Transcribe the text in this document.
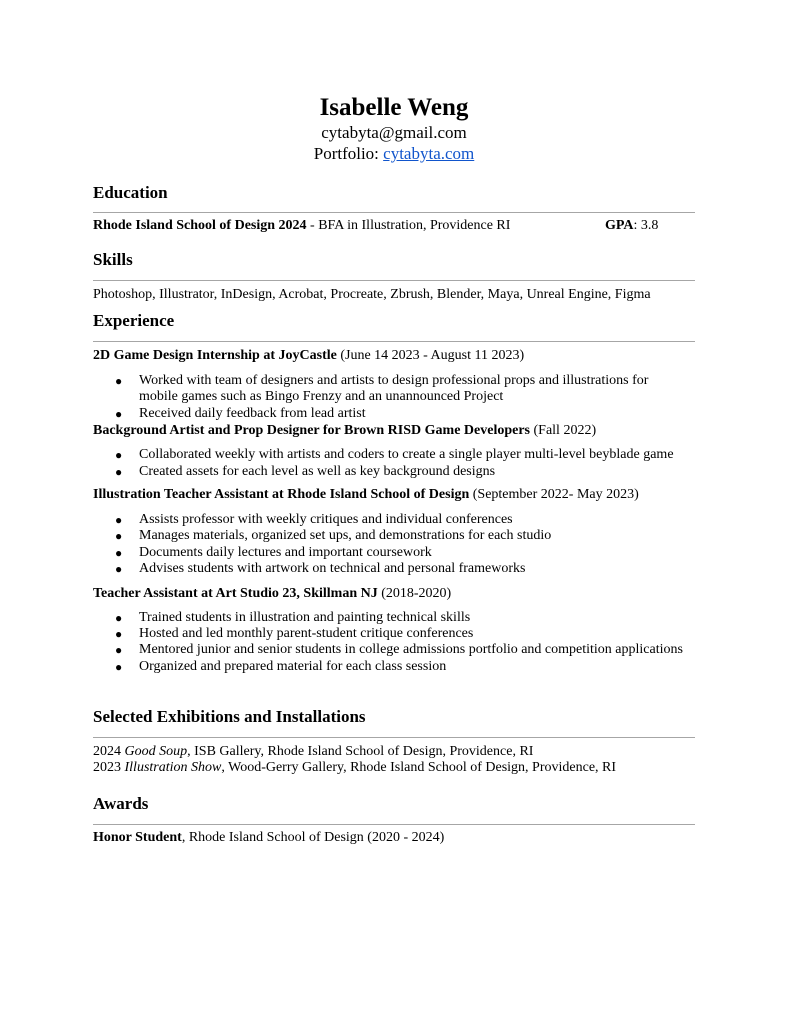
Isabelle Weng
cytabyta@gmail.com
Portfolio: cytabyta.com
Education
Rhode Island School of Design 2024 - BFA in Illustration, Providence RI	GPA: 3.8
Skills
Photoshop, Illustrator, InDesign, Acrobat, Procreate, Zbrush, Blender, Maya, Unreal Engine, Figma
Experience
2D Game Design Internship at JoyCastle (June 14 2023 - August 11 2023)
● Worked with team of designers and artists to design professional props and illustrations for
mobile games such as Bingo Frenzy and an unannounced Project
● Received daily feedback from lead artist
Background Artist and Prop Designer for Brown RISD Game Developers (Fall 2022)
● Collaborated weekly with artists and coders to create a single player multi-level beyblade game
● Created assets for each level as well as key background designs
Illustration Teacher Assistant at Rhode Island School of Design (September 2022- May 2023)
● Assists professor with weekly critiques and individual conferences
● Manages materials, organized set ups, and demonstrations for each studio
● Documents daily lectures and important coursework
● Advises students with artwork on technical and personal frameworks
Teacher Assistant at Art Studio 23, Skillman NJ (2018-2020)
● Trained students in illustration and painting technical skills
● Hosted and led monthly parent-student critique conferences
● Mentored junior and senior students in college admissions portfolio and competition applications
● Organized and prepared material for each class session
Selected Exhibitions and Installations
2024 Good Soup, ISB Gallery, Rhode Island School of Design, Providence, RI
2023 Illustration Show, Wood-Gerry Gallery, Rhode Island School of Design, Providence, RI
Awards
Honor Student, Rhode Island School of Design (2020 - 2024)
